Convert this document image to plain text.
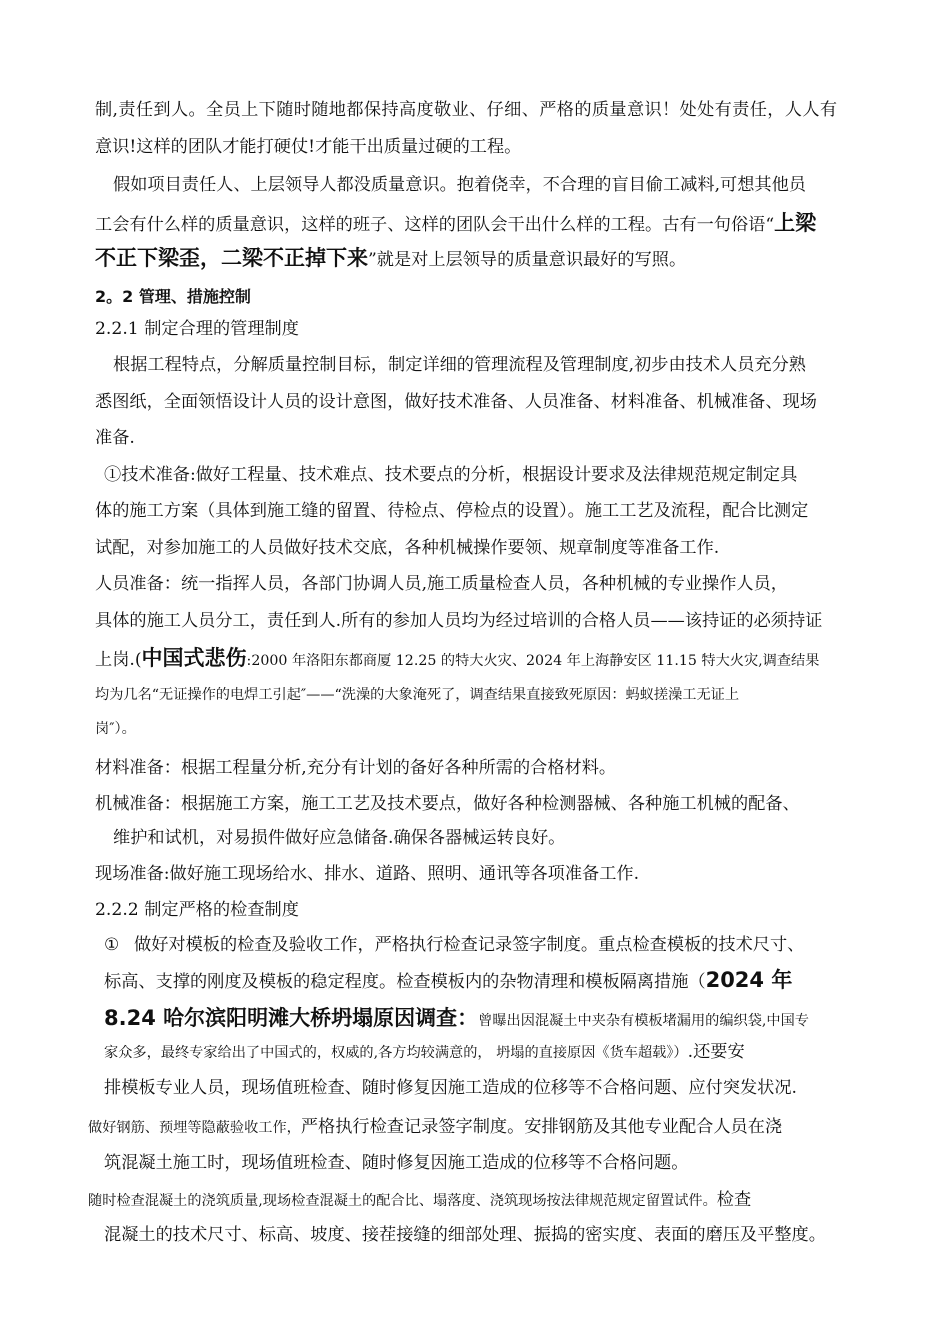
制,责任到人。全员上下随时随地都保持高度敬业、仔细、严格的质量意识！处处有责任，人人有
意识!这样的团队才能打硬仗!才能干出质量过硬的工程。
假如项目责任人、上层领导人都没质量意识。抱着侥幸，不合理的盲目偷工减料,可想其他员
工会有什么样的质量意识，这样的班子、这样的团队会干出什么样的工程。古有一句俗语“上梁
不正下梁歪，二梁不正掉下来”就是对上层领导的质量意识最好的写照。
2。2 管理、措施控制
2.2.1 制定合理的管理制度
根据工程特点，分解质量控制目标，制定详细的管理流程及管理制度,初步由技术人员充分熟
悉图纸，全面领悟设计人员的设计意图，做好技术准备、人员准备、材料准备、机械准备、现场
准备.
①技术准备:做好工程量、技术难点、技术要点的分析，根据设计要求及法律规范规定制定具
体的施工方案（具体到施工缝的留置、待检点、停检点的设置）。施工工艺及流程，配合比测定
试配，对参加施工的人员做好技术交底，各种机械操作要领、规章制度等准备工作.
人员准备：统一指挥人员，各部门协调人员,施工质量检查人员，各种机械的专业操作人员，
具体的施工人员分工，责任到人.所有的参加人员均为经过培训的合格人员——该持证的必须持证
上岗.(中国式悲伤:2000 年洛阳东都商厦 12.25 的特大火灾、2024 年上海静安区 11.15 特大火灾,调查结果
均为几名“无证操作的电焊工引起″——“洗澡的大象淹死了，调查结果直接致死原因：蚂蚁搓澡工无证上
岗″）。
材料准备：根据工程量分析,充分有计划的备好各种所需的合格材料。
机械准备：根据施工方案，施工工艺及技术要点，做好各种检测器械、各种施工机械的配备、
维护和试机，对易损件做好应急储备.确保各器械运转良好。
现场准备:做好施工现场给水、排水、道路、照明、通讯等各项准备工作.
2.2.2 制定严格的检查制度
① 做好对模板的检查及验收工作，严格执行检查记录签字制度。重点检查模板的技术尺寸、
标高、支撑的刚度及模板的稳定程度。检查模板内的杂物清理和模板隔离措施（2024 年
8.24 哈尔滨阳明滩大桥坍塌原因调查：曾曝出因混凝土中夹杂有模板堵漏用的编织袋,中国专
家众多，最终专家给出了中国式的，权威的,各方均较满意的， 坍塌的直接原因《货车超载》）.还要安
排模板专业人员，现场值班检查、随时修复因施工造成的位移等不合格问题、应付突发状况.
做好钢筋、预埋等隐蔽验收工作，严格执行检查记录签字制度。安排钢筋及其他专业配合人员在浇
筑混凝土施工时，现场值班检查、随时修复因施工造成的位移等不合格问题。
随时检查混凝土的浇筑质量,现场检查混凝土的配合比、塌落度、浇筑现场按法律规范规定留置试件。检查
混凝土的技术尺寸、标高、坡度、接茬接缝的细部处理、振捣的密实度、表面的磨压及平整度。
